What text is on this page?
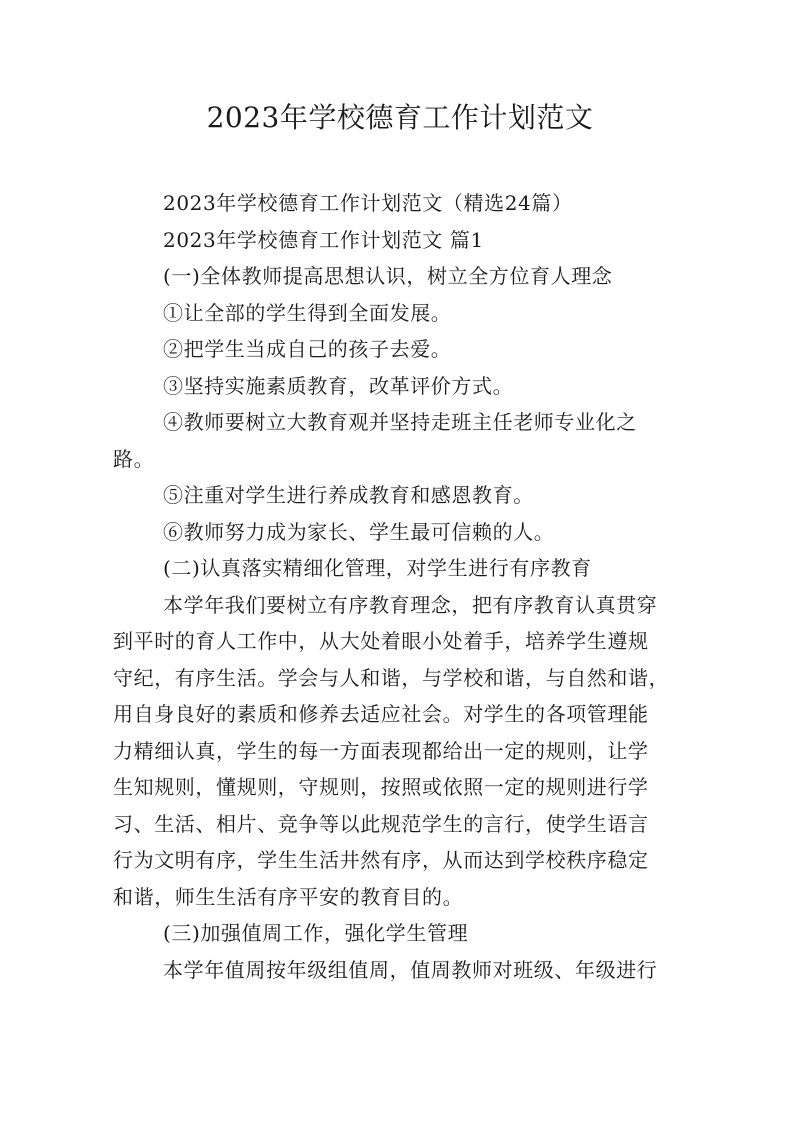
2023年学校德育工作计划范文
2023年学校德育工作计划范文（精选24篇）
2023年学校德育工作计划范文 篇1
(一)全体教师提高思想认识，树立全方位育人理念
①让全部的学生得到全面发展。
②把学生当成自己的孩子去爱。
③坚持实施素质教育，改革评价方式。
④教师要树立大教育观并坚持走班主任老师专业化之
路。
⑤注重对学生进行养成教育和感恩教育。
⑥教师努力成为家长、学生最可信赖的人。
(二)认真落实精细化管理，对学生进行有序教育
本学年我们要树立有序教育理念，把有序教育认真贯穿
到平时的育人工作中，从大处着眼小处着手，培养学生遵规
守纪，有序生活。学会与人和谐，与学校和谐，与自然和谐，
用自身良好的素质和修养去适应社会。对学生的各项管理能
力精细认真，学生的每一方面表现都给出一定的规则，让学
生知规则，懂规则，守规则，按照或依照一定的规则进行学
习、生活、相片、竞争等以此规范学生的言行，使学生语言
行为文明有序，学生生活井然有序，从而达到学校秩序稳定
和谐，师生生活有序平安的教育目的。
(三)加强值周工作，强化学生管理
本学年值周按年级组值周，值周教师对班级、年级进行
